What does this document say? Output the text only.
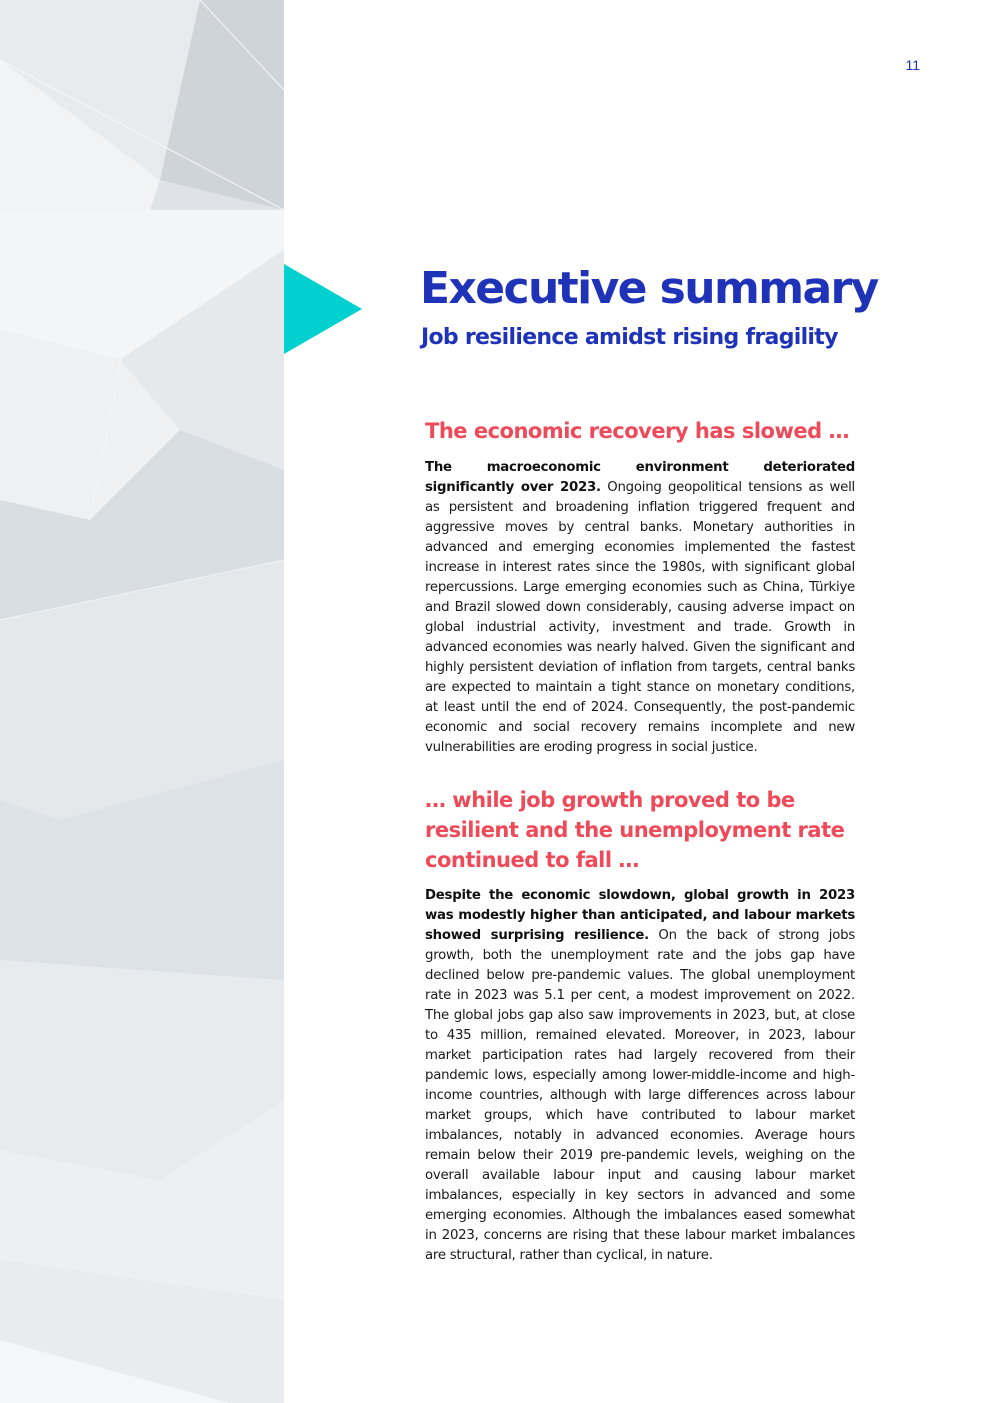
11
Executive summary
Job resilience amidst rising fragility
The economic recovery has slowed …

The macroeconomic environment deteriorated significantly over 2023. Ongoing geopolitical tensions as well as persistent and broadening inflation triggered frequent and aggressive moves by central banks. Monetary authorities in advanced and emerging economies implemented the fastest increase in interest rates since the 1980s, with significant global repercussions. Large emerging economies such as China, Türkiye and Brazil slowed down considerably, causing adverse impact on global industrial activity, investment and trade. Growth in advanced economies was nearly halved. Given the significant and highly persistent deviation of inflation from targets, central banks are expected to maintain a tight stance on monetary conditions, at least until the end of 2024. Consequently, the post-pandemic economic and social recovery remains incomplete and new vulnerabilities are eroding progress in social justice.

… while job growth proved to be resilient and the unemployment rate continued to fall …

Despite the economic slowdown, global growth in 2023 was modestly higher than anticipated, and labour markets showed surprising resilience. On the back of strong jobs growth, both the unemployment rate and the jobs gap have declined below pre-pandemic values. The global unemployment rate in 2023 was 5.1 per cent, a modest improvement on 2022. The global jobs gap also saw improvements in 2023, but, at close to 435 million, remained elevated. Moreover, in 2023, labour market participation rates had largely recovered from their pandemic lows, especially among lower-middle-income and high-income countries, although with large differences across labour market groups, which have contributed to labour market imbalances, notably in advanced economies. Average hours remain below their 2019 pre-pandemic levels, weighing on the overall available labour input and causing labour market imbalances, especially in key sectors in advanced and some emerging economies. Although the imbalances eased somewhat in 2023, concerns are rising that these labour market imbalances are structural, rather than cyclical, in nature.
